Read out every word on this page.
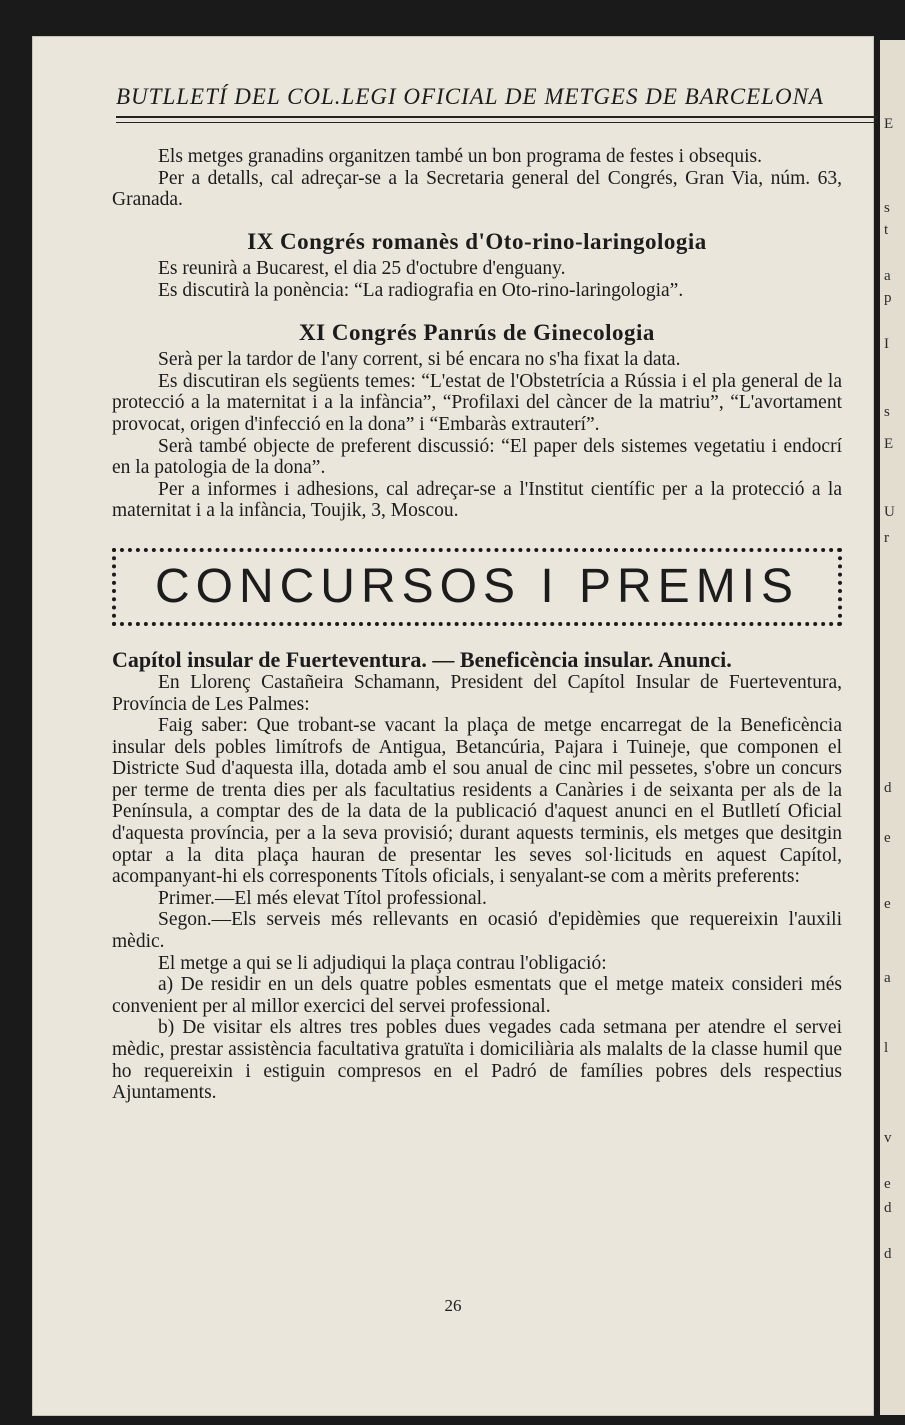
BUTLLETÍ DEL COL.LEGI OFICIAL DE METGES DE BARCELONA

Els metges granadins organitzen també un bon programa de festes i obsequis.

Per a detalls, cal adreçar-se a la Secretaria general del Congrés, Gran Via, núm. 63, Granada.

IX Congrés romanès d'Oto-rino-laringologia

Es reunirà a Bucarest, el dia 25 d'octubre d'enguany.

Es discutirà la ponència: “La radiografia en Oto-rino-laringologia”.

XI Congrés Panrús de Ginecologia

Serà per la tardor de l'any corrent, si bé encara no s'ha fixat la data.

Es discutiran els següents temes: “L'estat de l'Obstetrícia a Rússia i el pla general de la protecció a la maternitat i a la infància”, “Profilaxi del càncer de la matriu”, “L'avortament provocat, origen d'infecció en la dona” i “Embaràs extrauterí”.

Serà també objecte de preferent discussió: “El paper dels sistemes vegetatiu i endocrí en la patologia de la dona”.

Per a informes i adhesions, cal adreçar-se a l'Institut científic per a la protecció a la maternitat i a la infància, Toujik, 3, Moscou.

CONCURSOS I PREMIS

Capítol insular de Fuerteventura. — Beneficència insular. Anunci.

En Llorenç Castañeira Schamann, President del Capítol Insular de Fuerteventura, Província de Les Palmes:

Faig saber: Que trobant-se vacant la plaça de metge encarregat de la Beneficència insular dels pobles limítrofs de Antigua, Betancúria, Pajara i Tuineje, que componen el Districte Sud d'aquesta illa, dotada amb el sou anual de cinc mil pessetes, s'obre un concurs per terme de trenta dies per als facultatius residents a Canàries i de seixanta per als de la Península, a comptar des de la data de la publicació d'aquest anunci en el Butlletí Oficial d'aquesta província, per a la seva provisió; durant aquests terminis, els metges que desitgin optar a la dita plaça hauran de presentar les seves sol·licituds en aquest Capítol, acompanyant-hi els corresponents Títols oficials, i senyalant-se com a mèrits preferents:

Primer.—El més elevat Títol professional.

Segon.—Els serveis més rellevants en ocasió d'epidèmies que requereixin l'auxili mèdic.

El metge a qui se li adjudiqui la plaça contrau l'obligació:

a) De residir en un dels quatre pobles esmentats que el metge mateix consideri més convenient per al millor exercici del servei professional.

b) De visitar els altres tres pobles dues vegades cada setmana per atendre el servei mèdic, prestar assistència facultativa gratuïta i domiciliària als malalts de la classe humil que ho requereixin i estiguin compresos en el Padró de famílies pobres dels respectius Ajuntaments.

26
E
s
t
a
p
I
s
E
U
r
d
e
e
a
l
v
e
d
d
